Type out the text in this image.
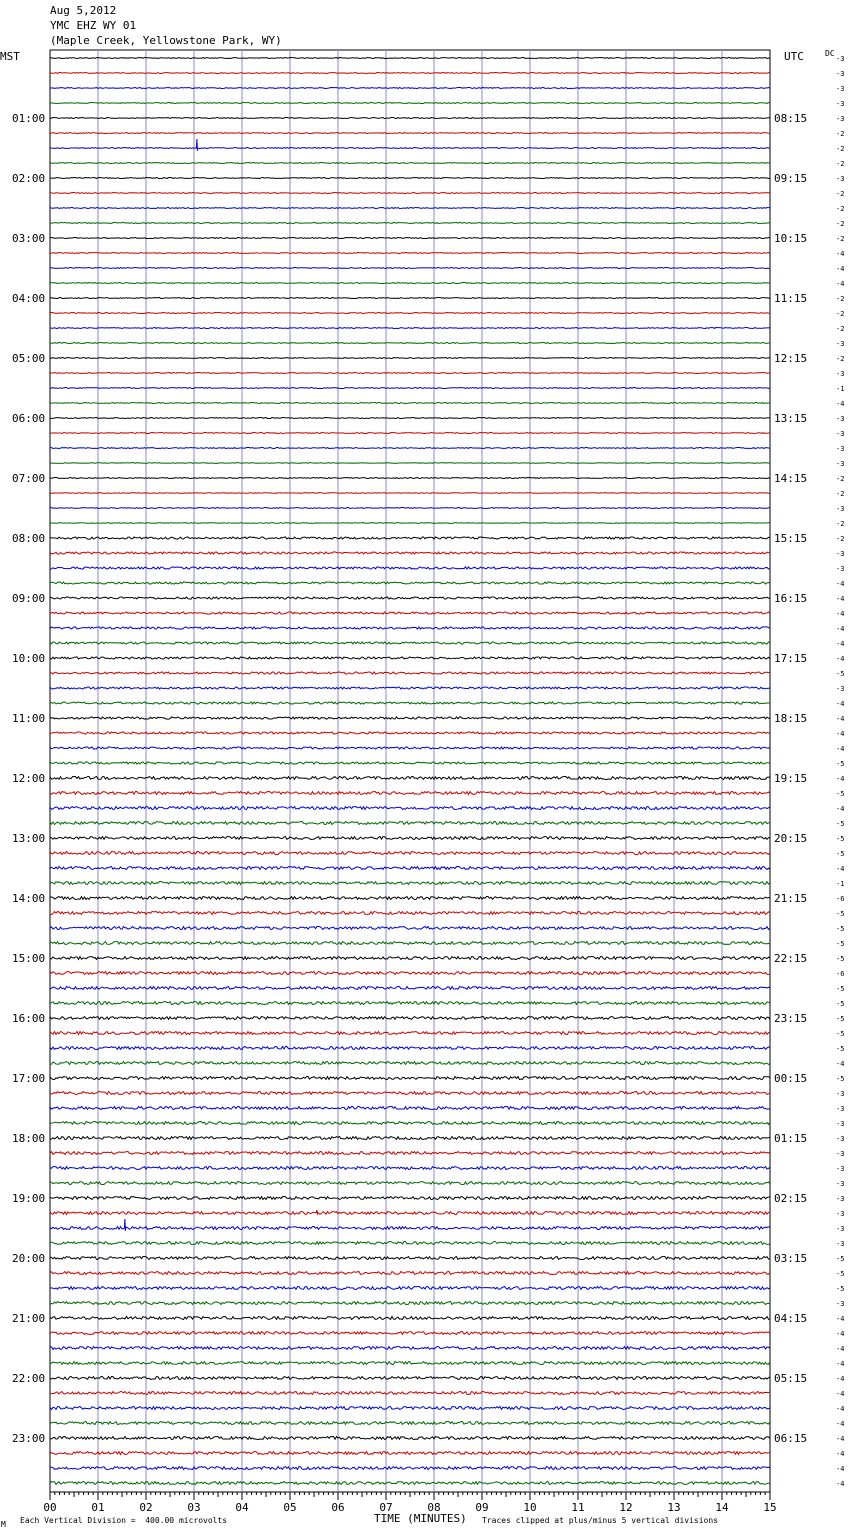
Aug 5,2012
YMC EHZ WY 01
(Maple Creek, Yellowstone Park, WY)
MST	UTC	DC
-3
-3
-3
-3
-3
-2
-2
-2
-3
-2
-2
-2
-2
-4
-4
-4
-2
-2
-2
-3
-2
-3
-1
-4
-3
-3
-3
-3
-2
-2
-3
-2
-2
-3
-3
-4
-4
-4
-4
-4
-4
-5
-3
-4
-4
-4
-4
-5
-4
-5
-4
-5
-5
-5
-4
-1
-6
-5
-5
-5
-5
-6
-5
-5
-5
-5
-5
-4
-5
-3
-3
-3
-3
-3
-3
-3
-3
-3
-3
-3
-5
-5
-5
-3
-4
-4
-4
-4
-4
-4
-4
-4
-4
-4
-4
-4
01:00	08:15
02:00	09:15
03:00	10:15
04:00	11:15
05:00	12:15
06:00	13:15
07:00	14:15
08:00	15:15
09:00	16:15
10:00	17:15
11:00	18:15
12:00	19:15
13:00	20:15
14:00	21:15
15:00	22:15
16:00	23:15
17:00	00:15
18:00	01:15
19:00	02:15
20:00	03:15
21:00	04:15
22:00	05:15
23:00	06:15
00	01	02	03	04	05	06	07	08	09	10	11	12	13	14	15
M Each Vertical Division =  400.00 microvolts	TIME (MINUTES) Traces clipped at plus/minus 5 vertical divisions
